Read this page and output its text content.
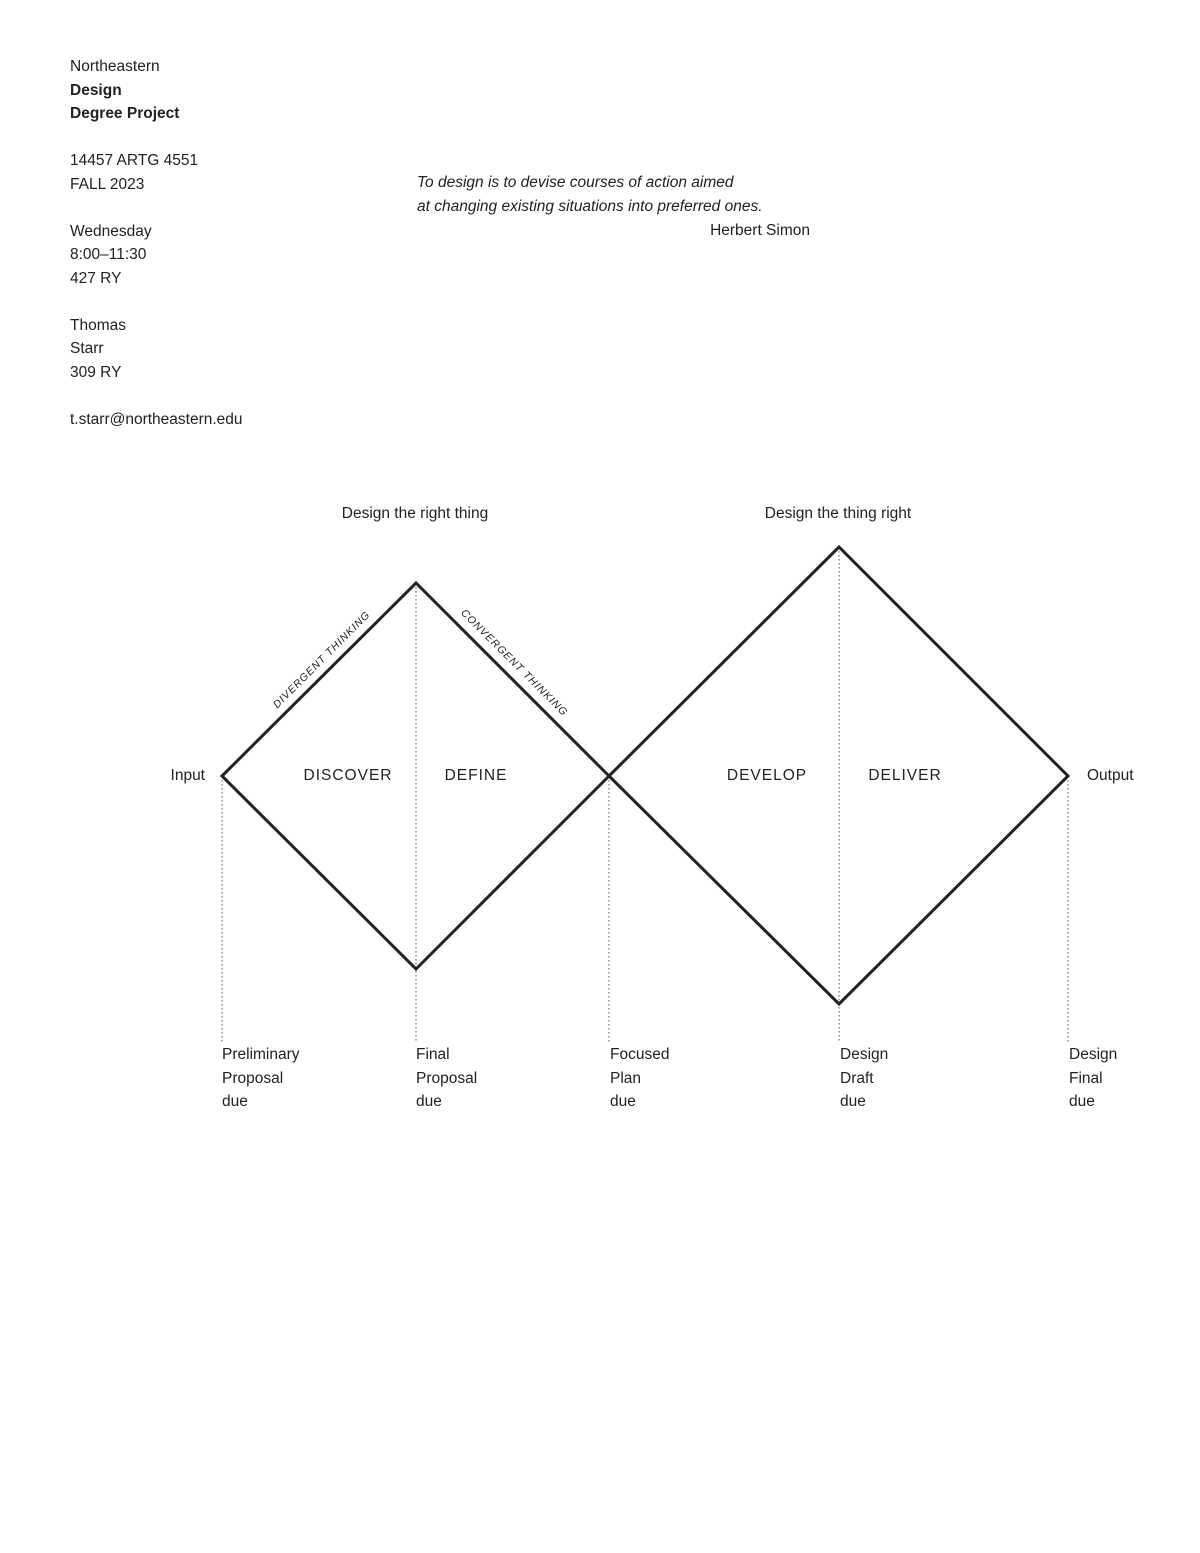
Northeastern
Design
Degree Project
14457 ARTG 4551
FALL 2023
Wednesday
8:00–11:30
427 RY
Thomas
Starr
309 RY
t.starr@northeastern.edu
To design is to devise courses of action aimed
at changing existing situations into preferred ones.
Herbert Simon
Design the right thing	Design the thing right
DIVERGENT THINKING	CONVERGENT THINKING
Input	Output
DISCOVER	DEFINE	DEVELOP	DELIVER
Preliminary
Proposal
due
Final
Proposal
due
Focused
Plan
due
Design
Draft
due
Design
Final
due
